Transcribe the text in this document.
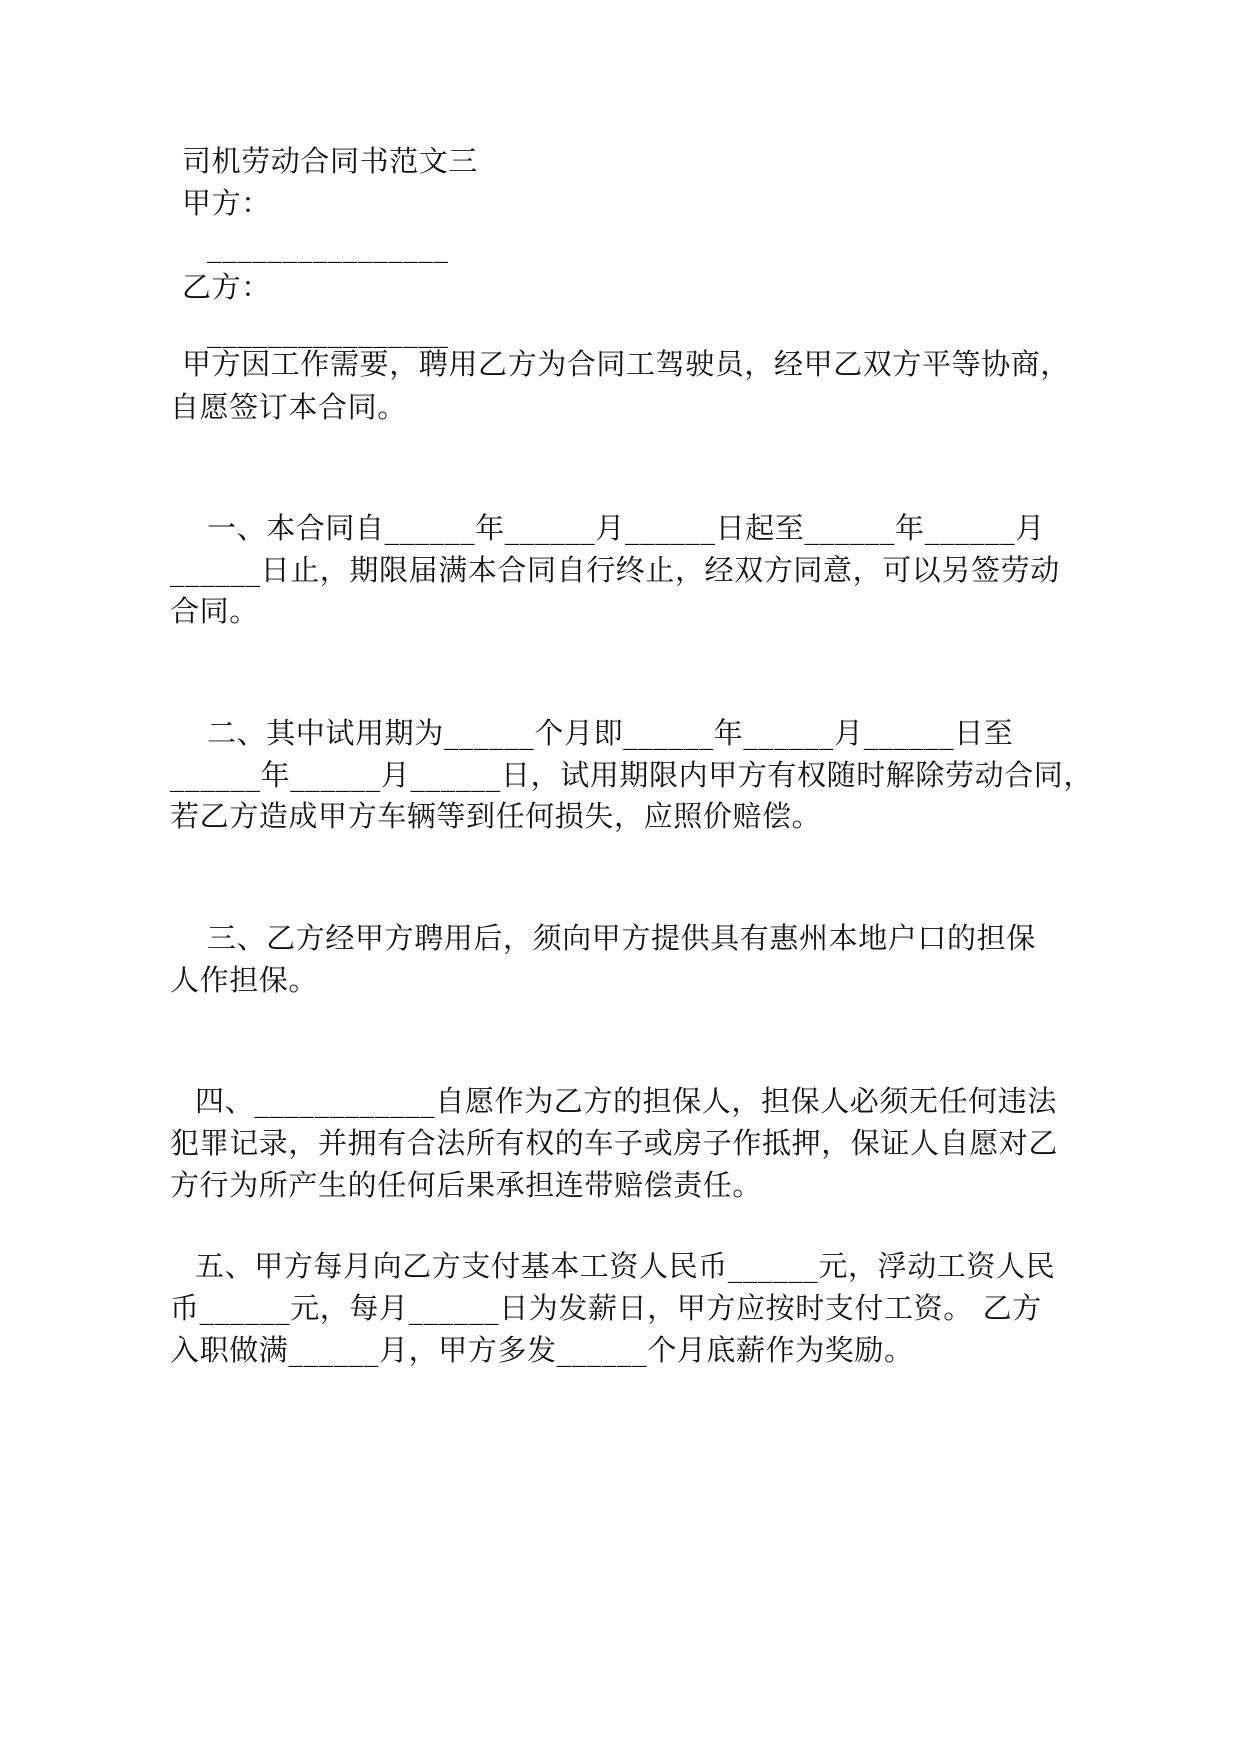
司机劳动合同书范文三
甲方：
________________
乙方：
________________
甲方因工作需要，聘用乙方为合同工驾驶员，经甲乙双方平等协商，
自愿签订本合同。
一、本合同自______年______月______日起至______年______月
______日止，期限届满本合同自行终止，经双方同意，可以另签劳动
合同。
二、其中试用期为______个月即______年______月______日至
______年______月______日，试用期限内甲方有权随时解除劳动合同，
若乙方造成甲方车辆等到任何损失，应照价赔偿。
三、乙方经甲方聘用后，须向甲方提供具有惠州本地户口的担保
人作担保。
四、____________自愿作为乙方的担保人，担保人必须无任何违法
犯罪记录，并拥有合法所有权的车子或房子作抵押，保证人自愿对乙
方行为所产生的任何后果承担连带赔偿责任。
五、甲方每月向乙方支付基本工资人民币______元，浮动工资人民
币______元，每月______日为发薪日，甲方应按时支付工资。 乙方
入职做满______月，甲方多发______个月底薪作为奖励。
